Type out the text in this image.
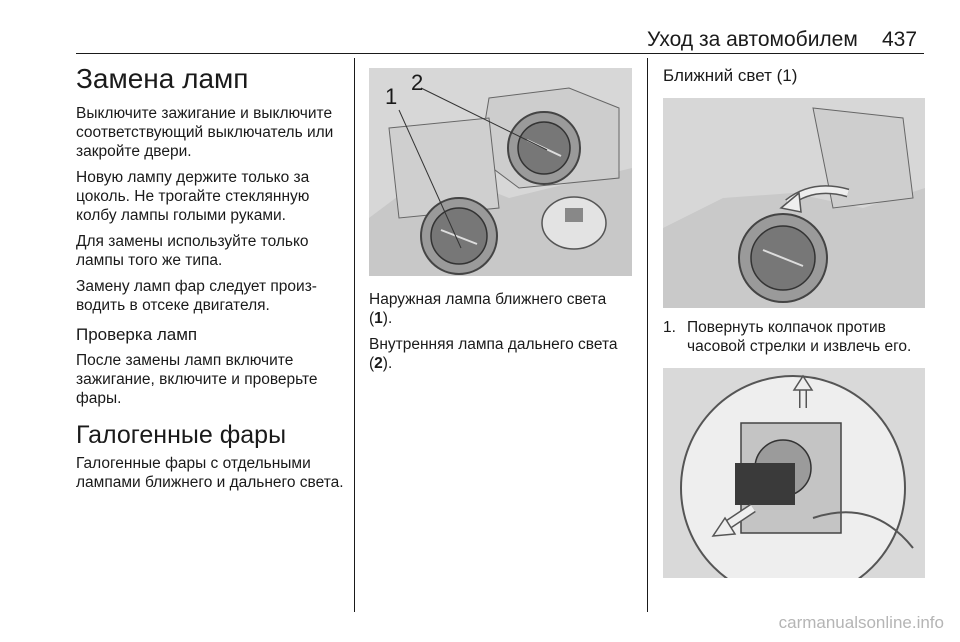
Уход за автомобилем 437
Замена ламп

Выключите зажигание и выключите соответствующий выключатель или закройте двери.

Новую лампу держите только за цоколь. Не трогайте стеклянную колбу лампы голыми руками.

Для замены используйте только лампы того же типа.

Замену ламп фар следует произ-водить в отсеке двигателя.

Проверка ламп

После замены ламп включите зажигание, включите и проверьте фары.

Галогенные фары

Галогенные фары с отдельными лампами ближнего и дальнего света.

1
2
Наружная лампа ближнего света (1).
Внутренняя лампа дальнего света (2).
Ближний свет (1)
1. Повернуть колпачок против
часовой стрелки и извлечь его.
carmanualsonline.info
